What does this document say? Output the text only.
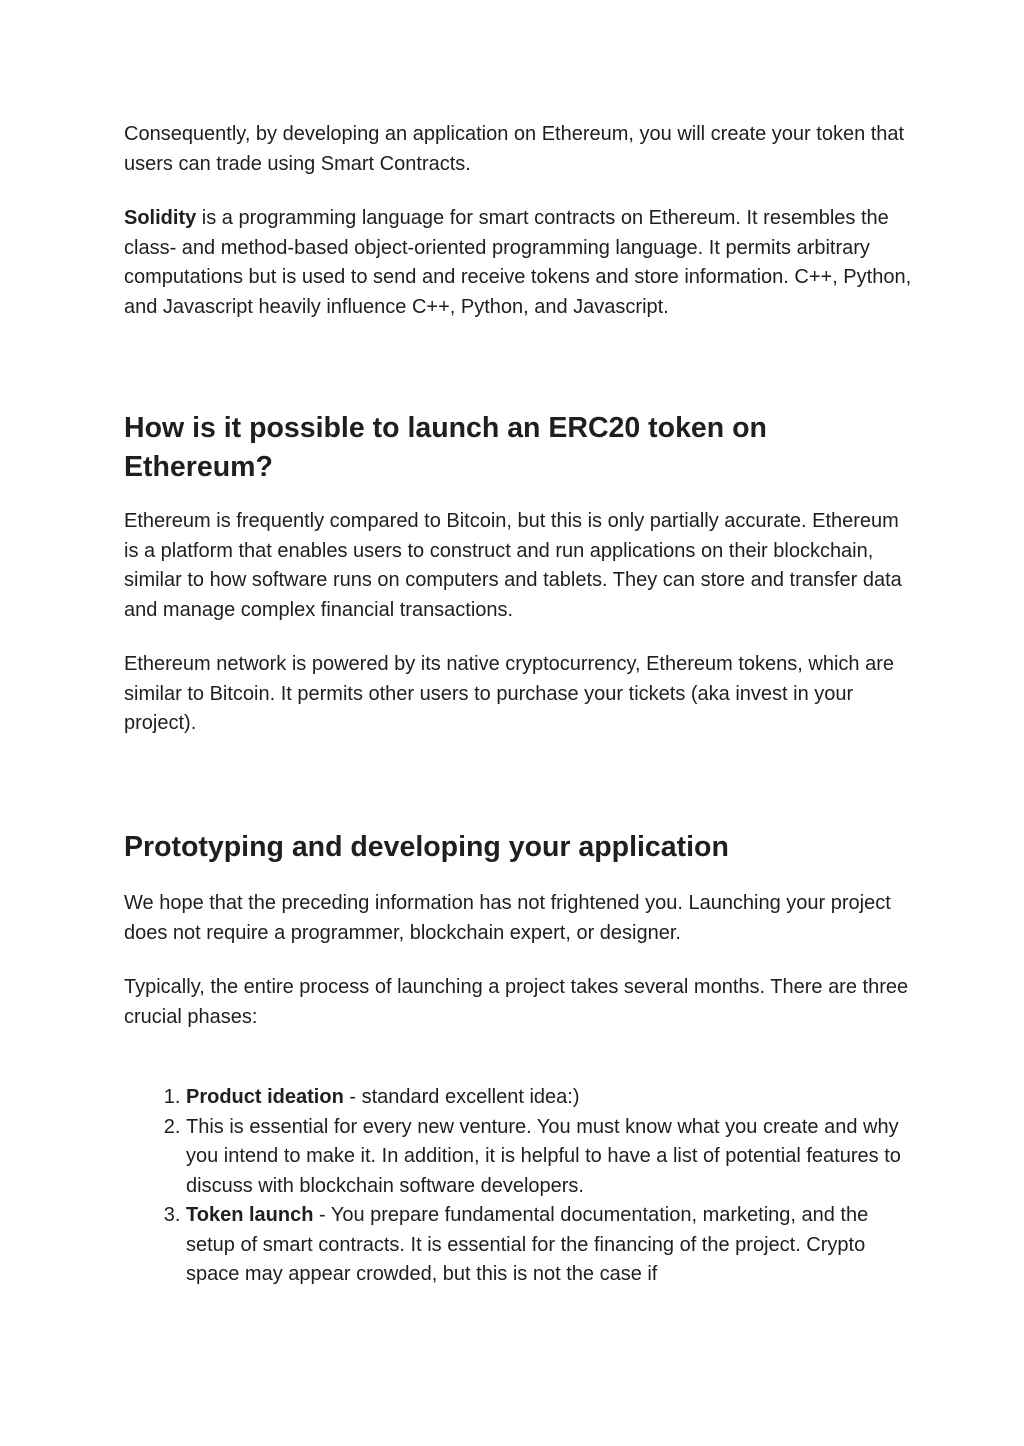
Consequently, by developing an application on Ethereum, you will create your token that users can trade using Smart Contracts.

Solidity is a programming language for smart contracts on Ethereum. It resembles the class- and method-based object-oriented programming language. It permits arbitrary computations but is used to send and receive tokens and store information. C++, Python, and Javascript heavily influence C++, Python, and Javascript.

How is it possible to launch an ERC20 token on Ethereum?

Ethereum is frequently compared to Bitcoin, but this is only partially accurate. Ethereum is a platform that enables users to construct and run applications on their blockchain, similar to how software runs on computers and tablets. They can store and transfer data and manage complex financial transactions.

Ethereum network is powered by its native cryptocurrency, Ethereum tokens, which are similar to Bitcoin. It permits other users to purchase your tickets (aka invest in your project).

Prototyping and developing your application

We hope that the preceding information has not frightened you. Launching your project does not require a programmer, blockchain expert, or designer.

Typically, the entire process of launching a project takes several months. There are three crucial phases:

1. Product ideation - standard excellent idea:)
2. This is essential for every new venture. You must know what you create and why you intend to make it. In addition, it is helpful to have a list of potential features to discuss with blockchain software developers.
3. Token launch - You prepare fundamental documentation, marketing, and the setup of smart contracts. It is essential for the financing of the project. Crypto space may appear crowded, but this is not the case if
